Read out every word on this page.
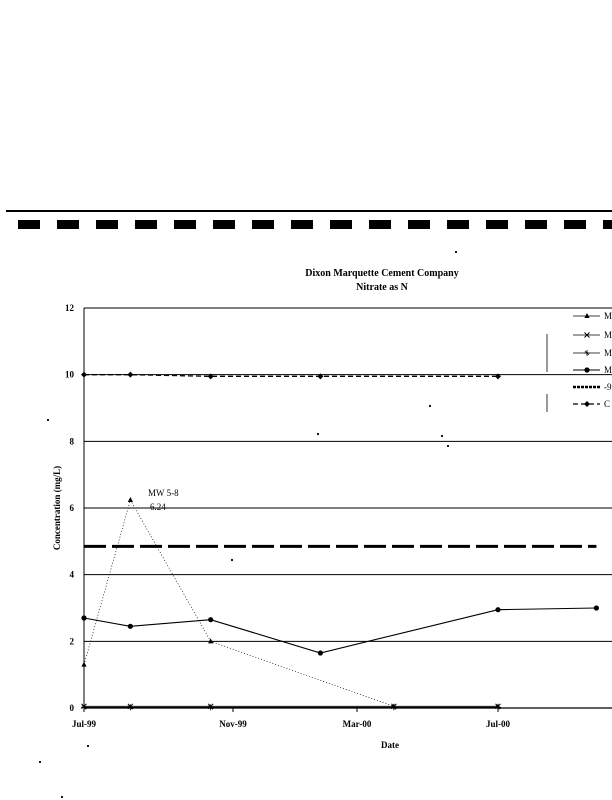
Dixon Marquette Cement Company
Nitrate as N
Date
Concentration (mg/L)	MW 5-8
6.24
0
2
4
6
8
10
12
Jul-99	Nov-99	Mar-00	Jul-00
M
M
M
M
-9
C
